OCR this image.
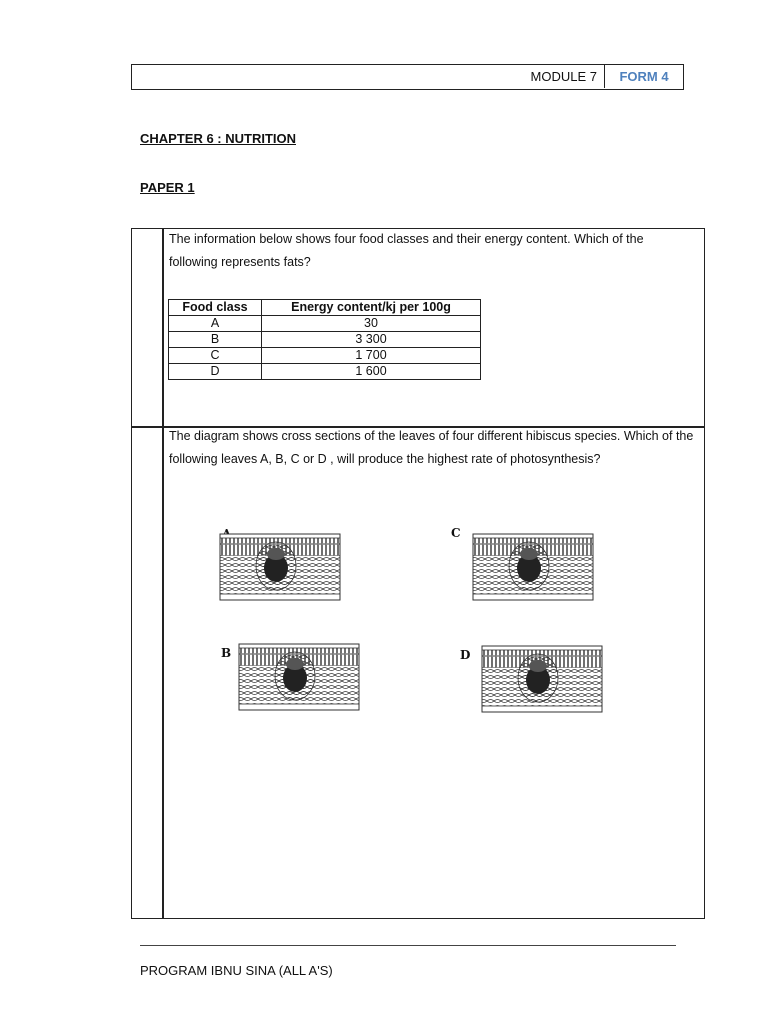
MODULE 7	FORM 4
CHAPTER 6 : NUTRITION
PAPER 1
The information below shows four food classes and their energy content. Which of the following represents fats?
Food class	Energy content/kj per 100g
A	30
B	3 300
C	1 700
D	1 600
The diagram shows cross sections of the leaves of four different hibiscus species. Which of the following leaves A, B, C or D , will produce the highest rate of photosynthesis?
C
B	D
PROGRAM IBNU SINA (ALL A'S)
